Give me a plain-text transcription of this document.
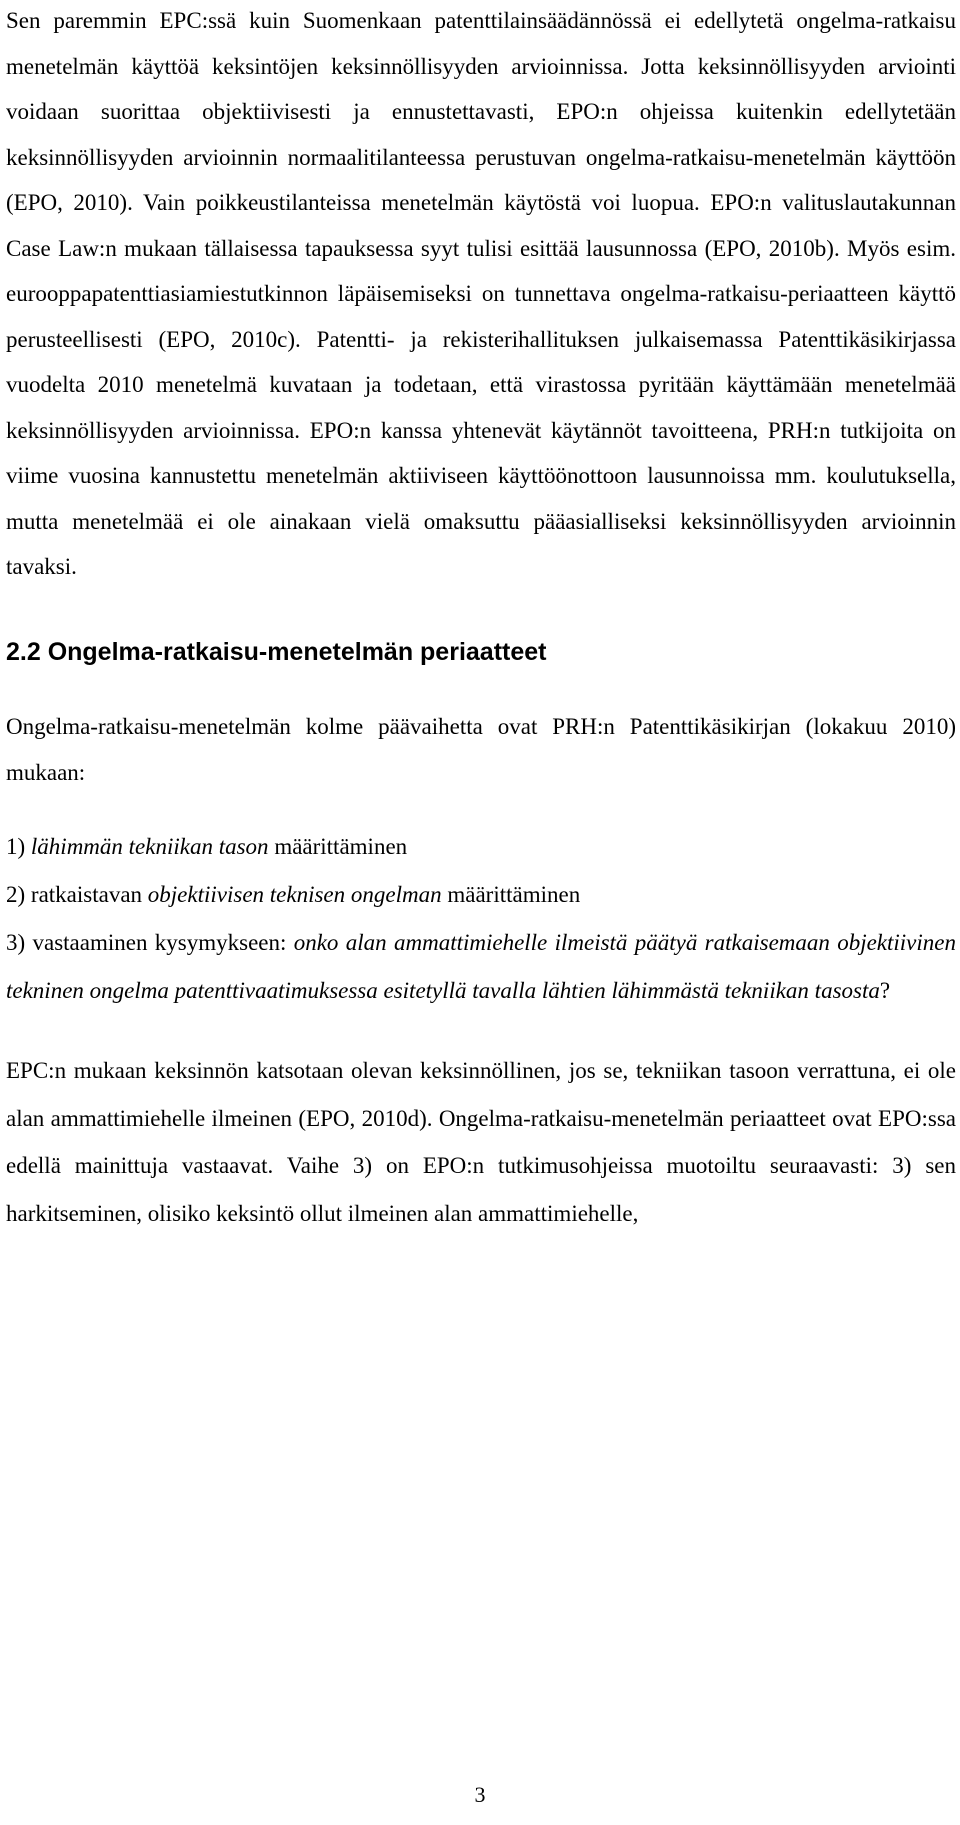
Sen paremmin EPC:ssä kuin Suomenkaan patenttilainsäädännössä ei edellytetä ongelma-ratkaisu menetelmän käyttöä keksintöjen keksinnöllisyyden arvioinnissa. Jotta keksinnöllisyyden arviointi voidaan suorittaa objektiivisesti ja ennustettavasti, EPO:n ohjeissa kuitenkin edellytetään keksinnöllisyyden arvioinnin normaalitilanteessa perustuvan ongelma-ratkaisu-menetelmän käyttöön (EPO, 2010). Vain poikkeustilanteissa menetelmän käytöstä voi luopua. EPO:n valituslautakunnan Case Law:n mukaan tällaisessa tapauksessa syyt tulisi esittää lausunnossa (EPO, 2010b). Myös esim. eurooppapatenttiasiamiestutkinnon läpäisemiseksi on tunnettava ongelma-ratkaisu-periaatteen käyttö perusteellisesti (EPO, 2010c). Patentti- ja rekisterihallituksen julkaisemassa Patenttikäsikirjassa vuodelta 2010 menetelmä kuvataan ja todetaan, että virastossa pyritään käyttämään menetelmää keksinnöllisyyden arvioinnissa. EPO:n kanssa yhtenevät käytännöt tavoitteena, PRH:n tutkijoita on viime vuosina kannustettu menetelmän aktiiviseen käyttöönottoon lausunnoissa mm. koulutuksella, mutta menetelmää ei ole ainakaan vielä omaksuttu pääasialliseksi keksinnöllisyyden arvioinnin tavaksi.

2.2 Ongelma-ratkaisu-menetelmän periaatteet

Ongelma-ratkaisu-menetelmän kolme päävaihetta ovat PRH:n Patenttikäsikirjan (lokakuu 2010) mukaan:

1) lähimmän tekniikan tason määrittäminen
2) ratkaistavan objektiivisen teknisen ongelman määrittäminen
3) vastaaminen kysymykseen: onko alan ammattimiehelle ilmeistä päätyä ratkaisemaan objektiivinen tekninen ongelma patenttivaatimuksessa esitetyllä tavalla lähtien lähimmästä tekniikan tasosta?

EPC:n mukaan keksinnön katsotaan olevan keksinnöllinen, jos se, tekniikan tasoon verrattuna, ei ole alan ammattimiehelle ilmeinen (EPO, 2010d). Ongelma-ratkaisu-menetelmän periaatteet ovat EPO:ssa edellä mainittuja vastaavat. Vaihe 3) on EPO:n tutkimusohjeissa muotoiltu seuraavasti: 3) sen harkitseminen, olisiko keksintö ollut ilmeinen alan ammattimiehelle,

3
